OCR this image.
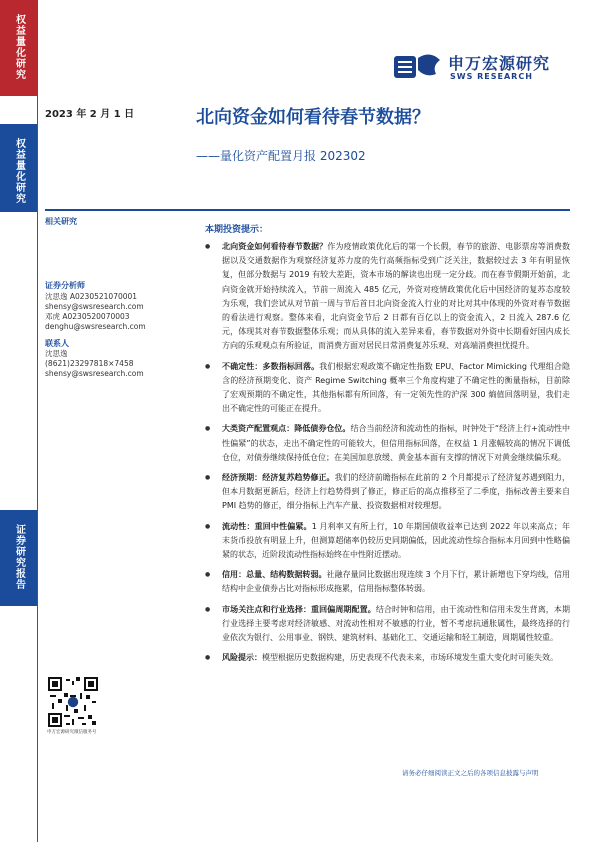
权益量化研究
权益量化研究
证券研究报告
申万宏源研究
SWS RESEARCH
2023 年 2 月 1 日	北向资金如何看待春节数据？
——量化资产配置月报 202302
相关研究
证券分析师
沈思逸 A0230521070001
shensy@swsresearch.com
邓虎 A0230520070003
denghu@swsresearch.com
联系人
沈思逸
(8621)23297818×7458
shensy@swsresearch.com
申万宏源研究微信服务号
本期投资提示：
● 北向资金如何看待春节数据？作为疫情政策优化后的第一个长假，春节的旅游、电影票房等消费数据以及交通数据作为观察经济复苏力度的先行高频指标受到广泛关注，数据较过去 3 年有明显恢复，但部分数据与 2019 有较大差距，资本市场的解读也出现一定分歧。而在春节假期开始前，北向资金就开始持续流入，节前一周流入 485 亿元，外资对疫情政策优化后中国经济的复苏态度较为乐观，我们尝试从对节前一周与节后首日北向资金流入行业的对比对其中体现的外资对春节数据的看法进行观察。整体来看，北向资金节后 2 日都有百亿以上的资金流入，2 日流入 287.6 亿元，体现其对春节数据整体乐观；而从具体的流入差异来看，春节数据对外资中长期看好国内成长方向的乐观观点有所验证，而消费方面对居民日常消费复苏乐观、对高端消费担忧提升。
● 不确定性：多数指标回落。我们根据宏观政策不确定性指数 EPU、Factor Mimicking 代理组合隐含的经济预期变化、资产 Regime Switching 概率三个角度构建了不确定性的衡量指标，目前除了宏观预期的不确定性，其他指标都有所回落，有一定领先性的沪深 300 熵值回落明显，我们走出不确定性的可能正在提升。
● 大类资产配置观点：降低债券仓位。结合当前经济和流动性的指标，时钟处于“经济上行+流动性中性偏紧”的状态，走出不确定性的可能较大，但信用指标回落，在权益 1 月涨幅较高的情况下调低仓位，对债券继续保持低仓位；在美国加息放缓、黄金基本面有支撑的情况下对黄金继续偏乐观。
● 经济预期：经济复苏趋势修正。我们的经济前瞻指标在此前的 2 个月都提示了经济复苏遇到阻力，但本月数据更新后，经济上行趋势得到了修正，修正后的高点推移至了二季度，指标改善主要来自 PMI 趋势的修正，细分指标上汽车产量、投资数据相对较理想。
● 流动性：重回中性偏紧。1 月利率又有所上行，10 年期国债收益率已达到 2022 年以来高点；年末货币投放有明显上升，但测算超储率仍较历史同期偏低，因此流动性综合指标本月回到中性略偏紧的状态，近阶段流动性指标始终在中性附近摆动。
● 信用：总量、结构数据转弱。社融存量同比数据出现连续 3 个月下行，累计新增也下穿均线，信用结构中企业债券占比对指标形成拖累，信用指标整体转弱。
● 市场关注点和行业选择：重回偏周期配置。结合时钟和信用，由于流动性和信用未发生背离，本期行业选择主要考虑对经济敏感、对流动性相对不敏感的行业，暂不考虑抗通胀属性，最终选择的行业依次为银行、公用事业、钢铁、建筑材料、基础化工、交通运输和轻工制造，周期属性较重。
● 风险提示：模型根据历史数据构建，历史表现不代表未来，市场环境发生重大变化时可能失效。
请务必仔细阅读正文之后的各项信息披露与声明
